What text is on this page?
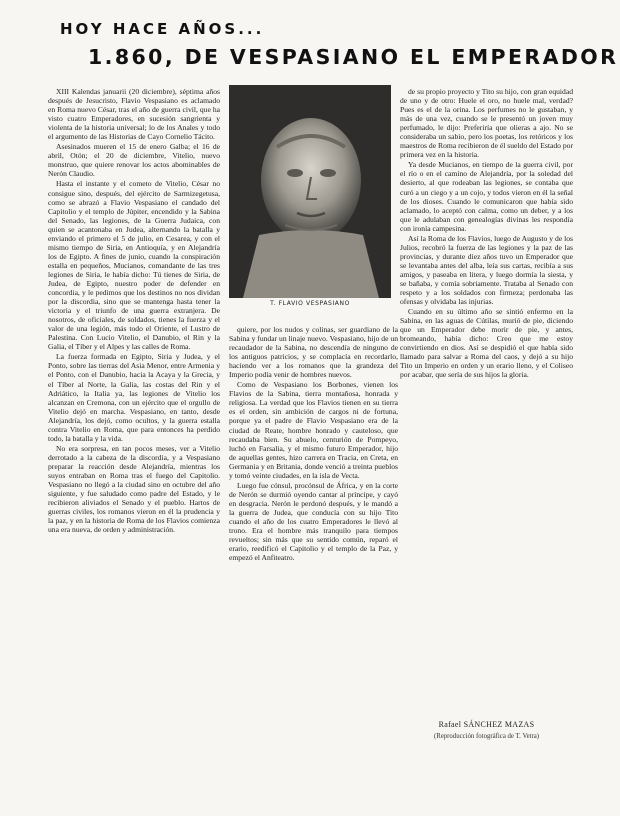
HOY HACE AÑOS...
1.860, DE VESPASIANO EL EMPERADOR

XIII Kalendas januarii (20 diciembre), séptima años después de Jesucristo, Flavio Vespasiano es aclamado en Roma nuevo César, tras el año de guerra civil, que ha visto cuatro Emperadores, en sucesión sangrienta y violenta de la historia universal; lo de los Anales y todo el argumento de las Historias de Cayo Cornelio Tácito.

Asesinados mueren el 15 de enero Galba; el 16 de abril, Otón; el 20 de diciembre, Vitelio, nuevo monstruo, que quiere renovar los actos abominables de Nerón Claudio.

Hasta el instante y el cometo de Vitelio, César no consigue sino, después, del ejército de Sarmizegetusa, como se abrazó a Flavio Vespasiano el candado del Capitolio y el templo de Júpiter, encendido y la Sabina del Senado, las legiones, de la Guerra Judaica, con quien se acantonaba en Judea, alternando la batalla y enviando el primero el 5 de julio, en Cesarea, y con el mismo tiempo de Siria, en Antioquía, y en Alejandría los de Egipto. A fines de junio, cuando la conspiración estalla en pequeños, Mucianos, comandante de las tres legiones de Siria, le había dicho: Tú tienes de Siria, de Judea, de Egipto, nuestro poder de defender en concordia, y le pedimos que los destinos no nos dividan por la discordia, sino que se mantenga hasta tener la victoria y el triunfo de una guerra extranjera. De nosotros, de oficiales, de soldados, tienes la fuerza y el valor de una legión, más todo el Oriente, el Lustro de Palestina. Con Lucio Vitelio, el Danubio, el Rin y la Galia, el Tíber y el Alpes y las calles de Roma.

La fuerza formada en Egipto, Siria y Judea, y el Ponto, sobre las tierras del Asia Menor, entre Armenia y el Ponto, con el Danubio, hacia la Acaya y la Grecia, y el Tíber al Norte, la Galia, las costas del Rin y el Adriático, la Italia ya, las legiones de Vitelio los alcanzan en Cremona, con un ejército que el orgullo de Vitelio dejó en marcha. Vespasiano, en tanto, desde Alejandría, los dejó, como ocultos, y la guerra estalla contra Vitelio en Roma, que para entonces ha perdido todo, la batalla y la vida.

No era sorpresa, en tan pocos meses, ver a Vitelio derrotado a la cabeza de la discordia, y a Vespasiano preparar la reacción desde Alejandría, mientras los suyos entraban en Roma tras el fuego del Capitolio. Vespasiano no llegó a la ciudad sino en octubre del año siguiente, y fue saludado como padre del Estado, y le recibieron aliviados el Senado y el pueblo. Hartos de guerras civiles, los romanos vieron en él la prudencia y la paz, y en la historia de Roma de los Flavios comienza una era nueva, de orden y administración.

T. FLAVIO VESPASIANO

quiere, por los nudos y colinas, ser guardiano de la Sabina y fundar un linaje nuevo. Vespasiano, hijo de un recaudador de la Sabina, no descendía de ninguno de los antiguos patricios, y se complacía en recordarlo, haciendo ver a los romanos que la grandeza del Imperio podía venir de hombres nuevos.

Como de Vespasiano los Borbones, vienen los Flavios de la Sabina, tierra montañosa, honrada y religiosa. La verdad que los Flavios tienen en su tierra es el orden, sin ambición de cargos ni de fortuna, porque ya el padre de Flavio Vespasiano era de la ciudad de Reate, hombre honrado y cauteloso, que recaudaba bien. Su abuelo, centurión de Pompeyo, luchó en Farsalia, y el mismo futuro Emperador, hijo de aquellas gentes, hizo carrera en Tracia, en Creta, en Germania y en Britania, donde venció a treinta pueblos y tomó veinte ciudades, en la isla de Vecta.

Luego fue cónsul, procónsul de África, y en la corte de Nerón se durmió oyendo cantar al príncipe, y cayó en desgracia. Nerón le perdonó después, y le mandó a la guerra de Judea, que conducía con su hijo Tito cuando el año de los cuatro Emperadores le llevó al trono. Era el hombre más tranquilo para tiempos revueltos; sin más que su sentido común, reparó el erario, reedificó el Capitolio y el templo de la Paz, y empezó el Anfiteatro.

de su propio proyecto y Tito su hijo, con gran equidad de uno y de otro: Huele el oro, no huele mal, verdad? Pues es el de la orina. Los perfumes no le gustaban, y más de una vez, cuando se le presentó un joven muy perfumado, le dijo: Preferiría que olieras a ajo. No se consideraba un sabio, pero los poetas, los retóricos y los maestros de Roma recibieron de él sueldo del Estado por primera vez en la historia.

Ya desde Mucianos, en tiempo de la guerra civil, por el río o en el camino de Alejandría, por la soledad del desierto, al que rodeaban las legiones, se contaba que curó a un ciego y a un cojo, y todos vieron en él la señal de los dioses. Cuando le comunicaron que había sido aclamado, lo aceptó con calma, como un deber, y a los que le adulaban con genealogías divinas les respondía con ironía campesina.

Así la Roma de los Flavios, luego de Augusto y de los Julios, recobró la fuerza de las legiones y la paz de las provincias, y durante diez años tuvo un Emperador que se levantaba antes del alba, leía sus cartas, recibía a sus amigos, y paseaba en litera, y luego dormía la siesta, y se bañaba, y comía sobriamente. Trataba al Senado con respeto y a los soldados con firmeza; perdonaba las ofensas y olvidaba las injurias.

Cuando en su último año se sintió enfermo en la Sabina, en las aguas de Cútilas, murió de pie, diciendo que un Emperador debe morir de pie, y antes, bromeando, había dicho: Creo que me estoy convirtiendo en dios. Así se despidió el que había sido llamado para salvar a Roma del caos, y dejó a su hijo Tito un Imperio en orden y un erario lleno, y el Coliseo por acabar, que sería de sus hijos la gloria.

Rafael SÁNCHEZ MAZAS
(Reproducción fotográfica de T. Vetra)
